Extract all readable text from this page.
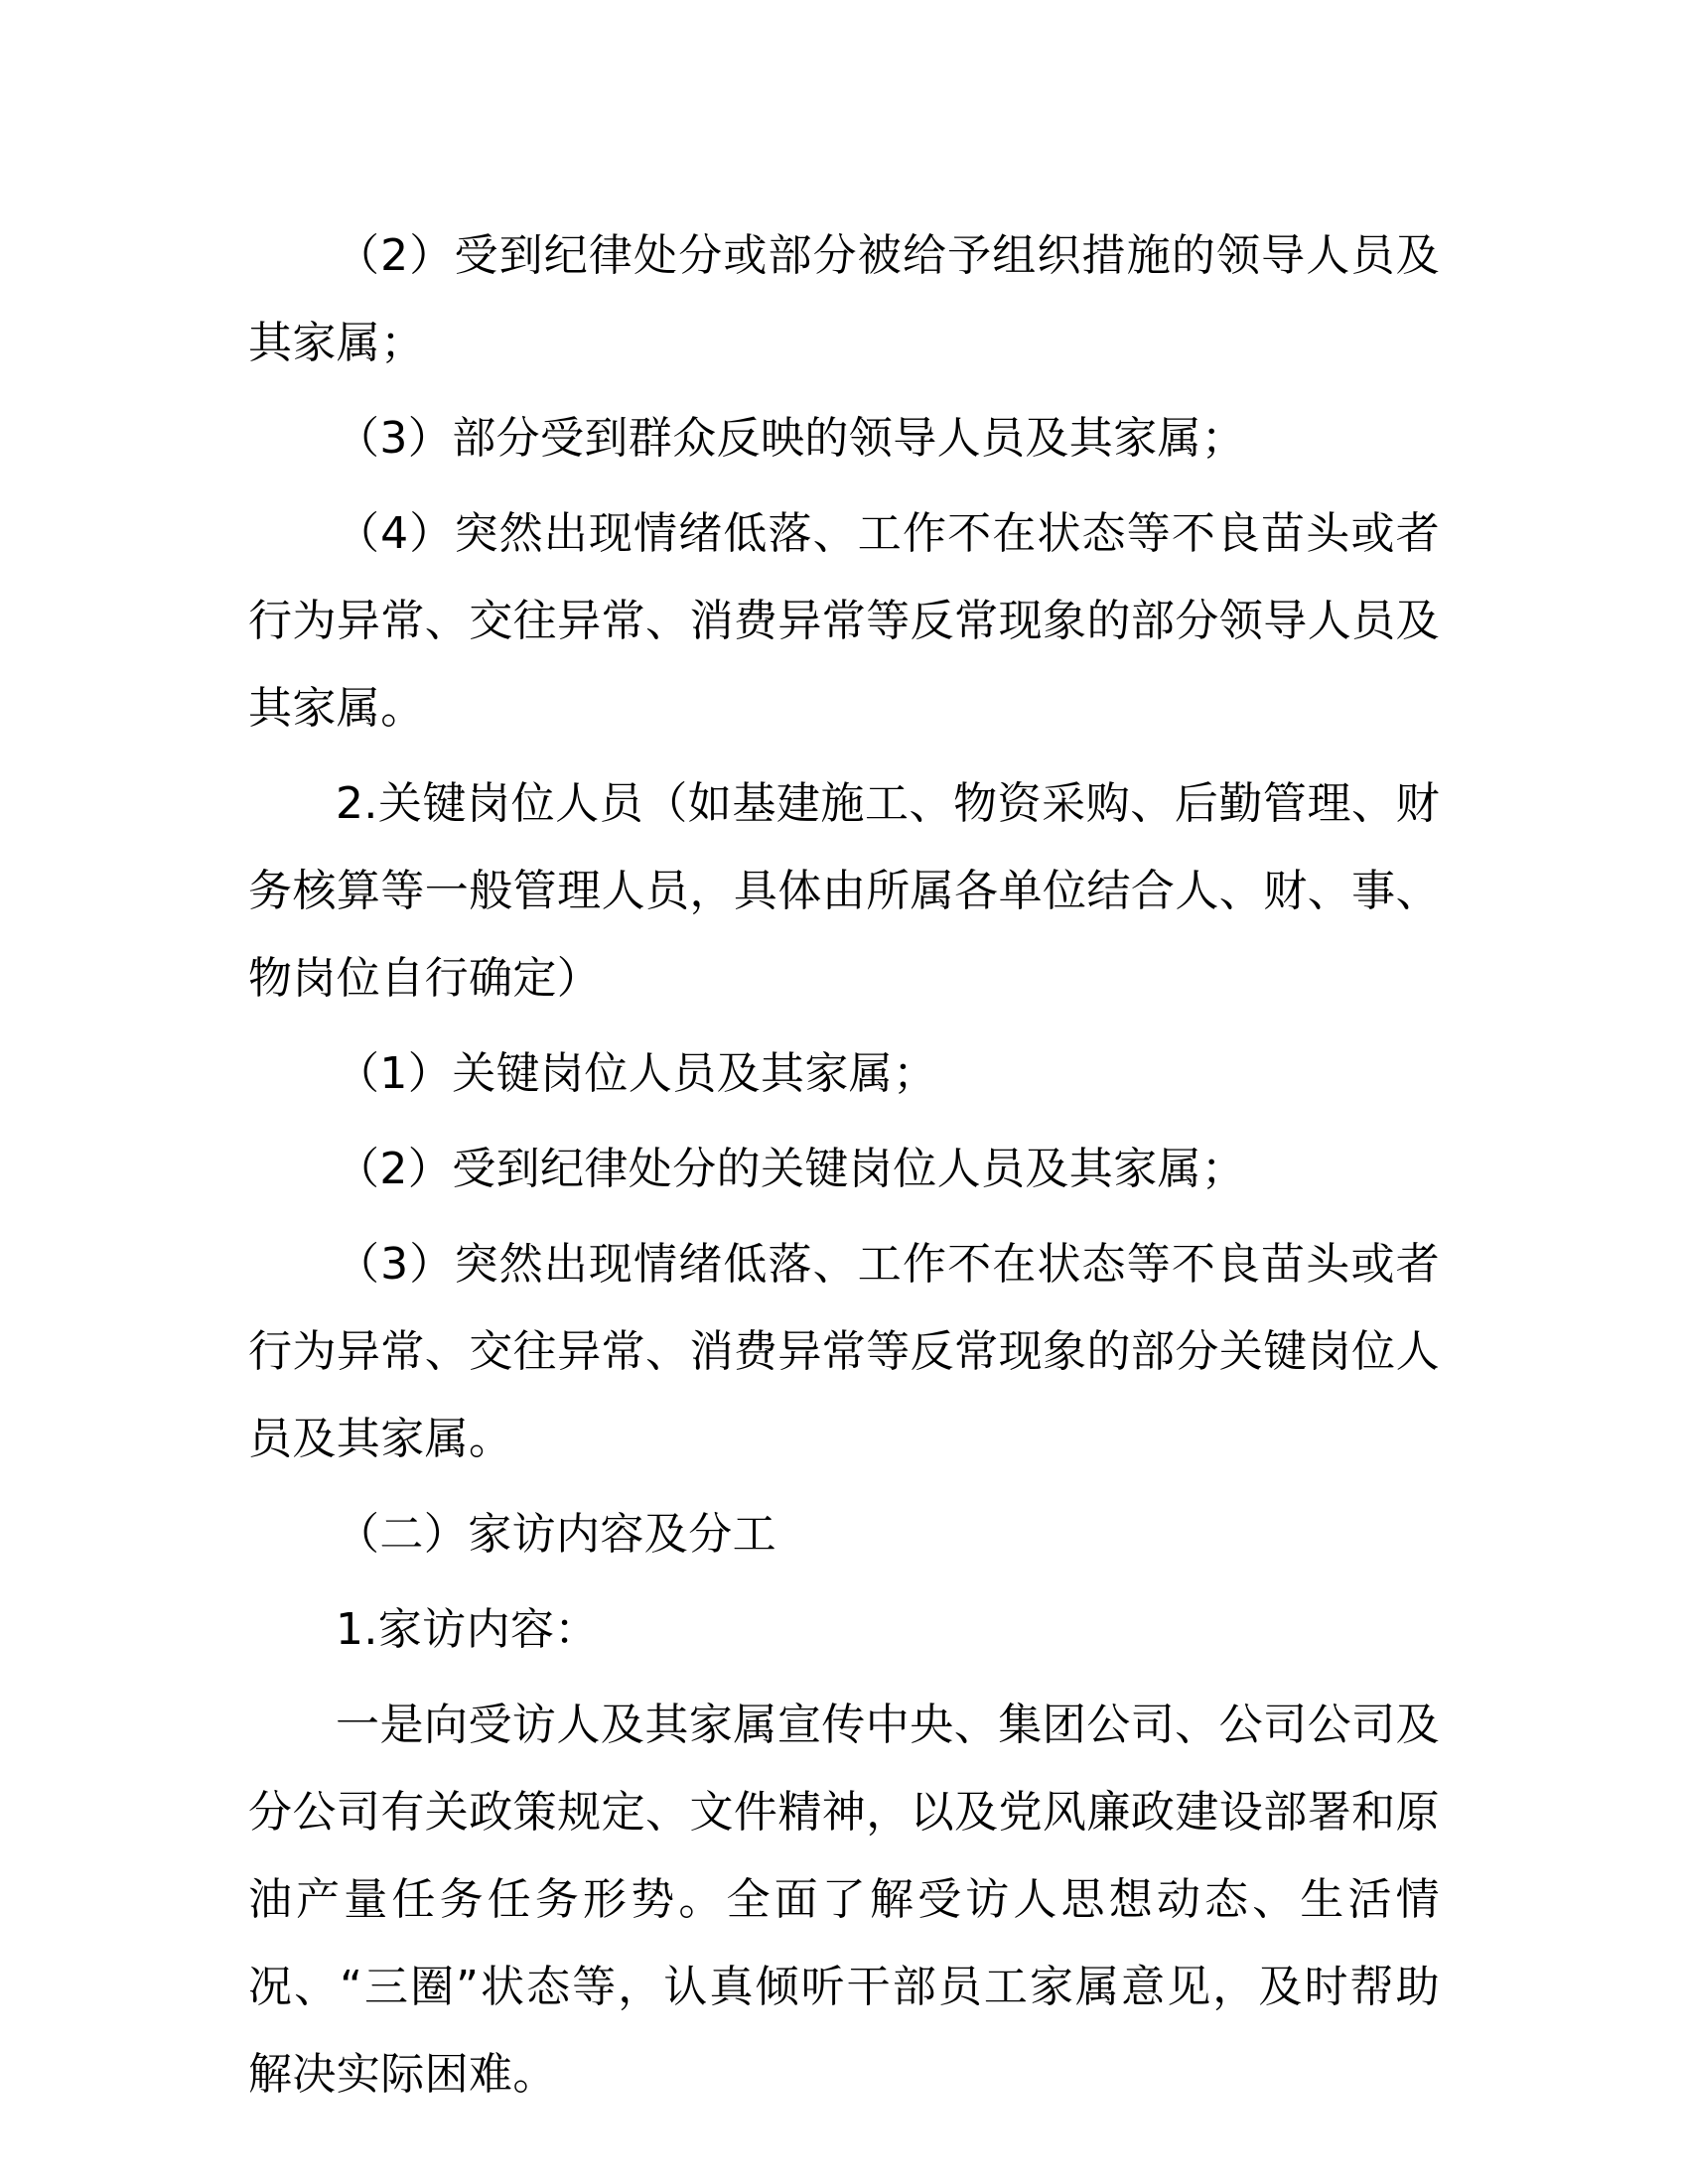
（2）受到纪律处分或部分被给予组织措施的领导人员及其家属；

（3）部分受到群众反映的领导人员及其家属；

（4）突然出现情绪低落、工作不在状态等不良苗头或者行为异常、交往异常、消费异常等反常现象的部分领导人员及其家属。

2.关键岗位人员（如基建施工、物资采购、后勤管理、财务核算等一般管理人员，具体由所属各单位结合人、财、事、物岗位自行确定）

（1）关键岗位人员及其家属；

（2）受到纪律处分的关键岗位人员及其家属；

（3）突然出现情绪低落、工作不在状态等不良苗头或者行为异常、交往异常、消费异常等反常现象的部分关键岗位人员及其家属。

（二）家访内容及分工

1.家访内容：

一是向受访人及其家属宣传中央、集团公司、公司公司及分公司有关政策规定、文件精神，以及党风廉政建设部署和原油产量任务任务形势。全面了解受访人思想动态、生活情况、“三圈”状态等，认真倾听干部员工家属意见，及时帮助解决实际困难。
